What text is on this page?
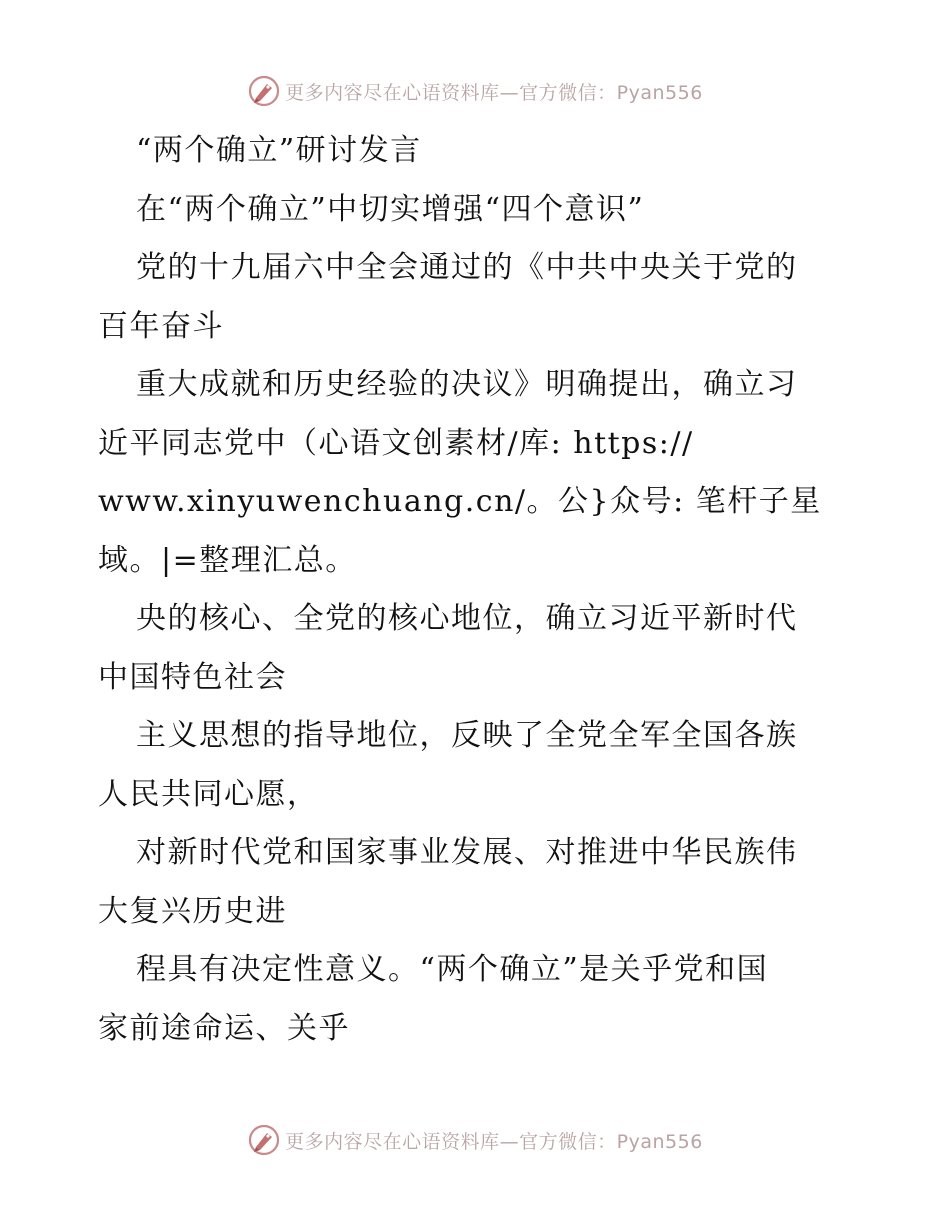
更多内容尽在心语资料库—官方微信：Pyan556
“两个确立”研讨发言
在“两个确立”中切实增强“四个意识”
党的十九届六中全会通过的《中共中央关于党的
百年奋斗
重大成就和历史经验的决议》明确提出，确立习
近平同志党中（心语文创素材/库: https://
www.xinyuwenchuang.cn/。公}众号: 笔杆子星
域。|=整理汇总。
央的核心、全党的核心地位，确立习近平新时代
中国特色社会
主义思想的指导地位，反映了全党全军全国各族
人民共同心愿，
对新时代党和国家事业发展、对推进中华民族伟
大复兴历史进
程具有决定性意义。“两个确立”是关乎党和国
家前途命运、关乎
更多内容尽在心语资料库—官方微信：Pyan556
